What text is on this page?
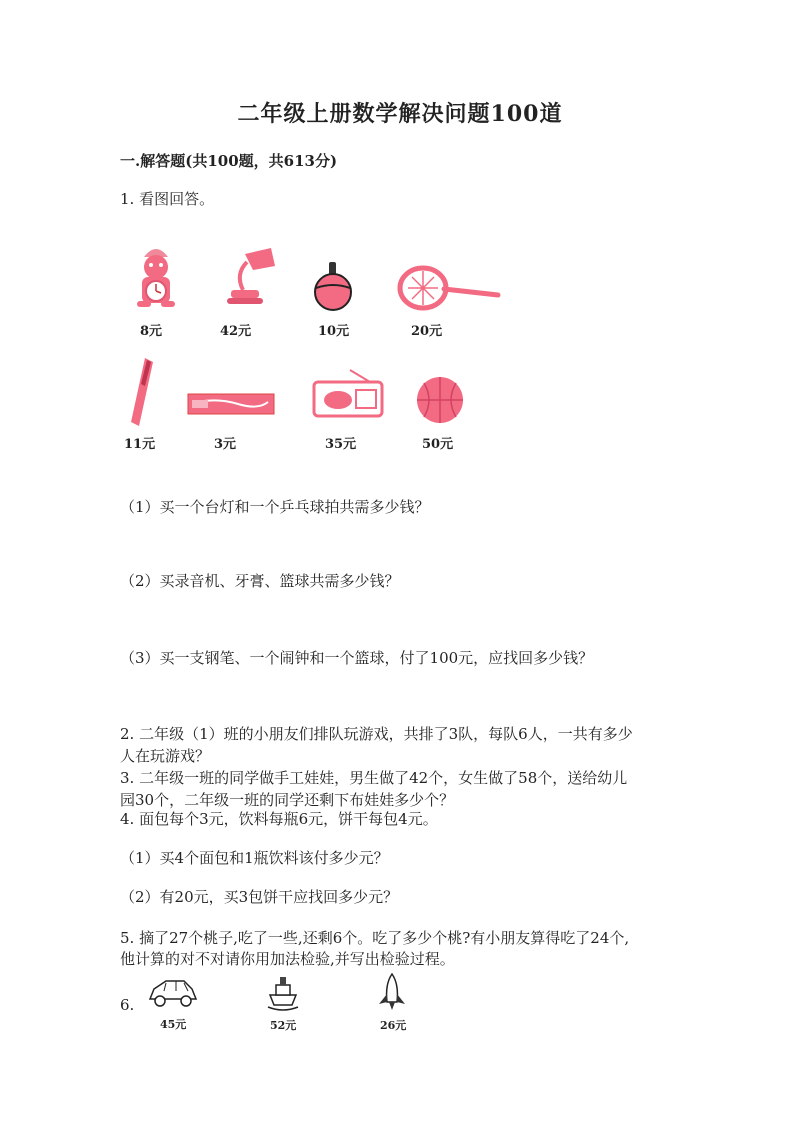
二年级上册数学解决问题100道
一.解答题(共100题，共613分)
1. 看图回答。
8元	42元	10元	20元
11元	3元	35元	50元
（1）买一个台灯和一个乒乓球拍共需多少钱？
（2）买录音机、牙膏、篮球共需多少钱？
（3）买一支钢笔、一个闹钟和一个篮球，付了100元，应找回多少钱？
2. 二年级（1）班的小朋友们排队玩游戏，共排了3队，每队6人，一共有多少
人在玩游戏？
3. 二年级一班的同学做手工娃娃，男生做了42个，女生做了58个，送给幼儿
园30个，二年级一班的同学还剩下布娃娃多少个？
4. 面包每个3元，饮料每瓶6元，饼干每包4元。
（1）买4个面包和1瓶饮料该付多少元？
（2）有20元，买3包饼干应找回多少元？
5. 摘了27个桃子,吃了一些,还剩6个。吃了多少个桃?有小朋友算得吃了24个,
他计算的对不对请你用加法检验,并写出检验过程。
6.
45元	52元	26元
